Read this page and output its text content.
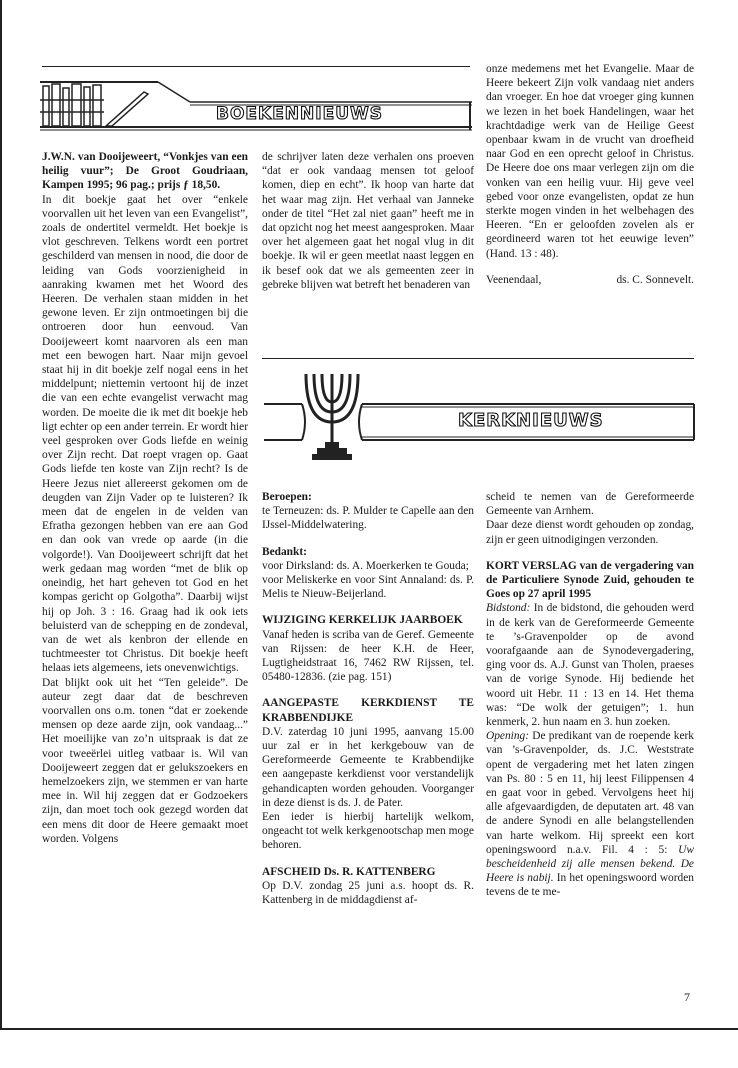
BOEKENNIEUWS

J.W.N. van Dooijeweert, “Vonkjes van een heilig vuur”; De Groot Goudriaan, Kampen 1995; 96 pag.; prijs ƒ 18,50.

In dit boekje gaat het over “enkele voorvallen uit het leven van een Evangelist”, zoals de ondertitel vermeldt. Het boekje is vlot geschreven. Telkens wordt een portret geschilderd van mensen in nood, die door de leiding van Gods voorzienigheid in aanraking kwamen met het Woord des Heeren. De verhalen staan midden in het gewone leven. Er zijn ontmoetingen bij die ontroeren door hun eenvoud. Van Dooijeweert komt naarvoren als een man met een bewogen hart. Naar mijn gevoel staat hij in dit boekje zelf nogal eens in het middelpunt; niettemin vertoont hij de inzet die van een echte evangelist verwacht mag worden. De moeite die ik met dit boekje heb ligt echter op een ander terrein. Er wordt hier veel gesproken over Gods liefde en weinig over Zijn recht. Dat roept vragen op. Gaat Gods liefde ten koste van Zijn recht? Is de Heere Jezus niet allereerst gekomen om de deugden van Zijn Vader op te luisteren? Ik meen dat de engelen in de velden van Efratha gezongen hebben van ere aan God en dan ook van vrede op aarde (in die volgorde!). Van Dooijeweert schrijft dat het werk gedaan mag worden “met de blik op oneindig, het hart geheven tot God en het kompas gericht op Golgotha”. Daarbij wijst hij op Joh. 3 : 16. Graag had ik ook iets beluisterd van de schepping en de zondeval, van de wet als kenbron der ellende en tuchtmeester tot Christus. Dit boekje heeft helaas iets algemeens, iets onevenwichtigs.

Dat blijkt ook uit het “Ten geleide”. De auteur zegt daar dat de beschreven voorvallen ons o.m. tonen “dat er zoekende mensen op deze aarde zijn, ook vandaag...” Het moeilijke van zo’n uitspraak is dat ze voor tweeërlei uitleg vatbaar is. Wil van Dooijeweert zeggen dat er gelukszoekers en hemelzoekers zijn, we stemmen er van harte mee in. Wil hij zeggen dat er Godzoekers zijn, dan moet toch ook gezegd worden dat een mens dit door de Heere gemaakt moet worden. Volgens

de schrijver laten deze verhalen ons proeven “dat er ook vandaag mensen tot geloof komen, diep en echt”. Ik hoop van harte dat het waar mag zijn. Het verhaal van Janneke onder de titel “Het zal niet gaan” heeft me in dat opzicht nog het meest aangesproken. Maar over het algemeen gaat het nogal vlug in dit boekje. Ik wil er geen meetlat naast leggen en ik besef ook dat we als gemeenten zeer in gebreke blijven wat betreft het benaderen van

onze medemens met het Evangelie. Maar de Heere bekeert Zijn volk vandaag niet anders dan vroeger. En hoe dat vroeger ging kunnen we lezen in het boek Handelingen, waar het krachtdadige werk van de Heilige Geest openbaar kwam in de vrucht van droefheid naar God en een oprecht geloof in Christus. De Heere doe ons maar verlegen zijn om die vonken van een heilig vuur. Hij geve veel gebed voor onze evangelisten, opdat ze hun sterkte mogen vinden in het welbehagen des Heeren. “En er geloofden zovelen als er geordineerd waren tot het eeuwige leven” (Hand. 13 : 48).

Veenendaal,	ds. C. Sonnevelt.
KERKNIEUWS

Beroepen:

te Terneuzen: ds. P. Mulder te Capelle aan den IJssel-Middelwatering.

Bedankt:

voor Dirksland: ds. A. Moerkerken te Gouda;

voor Meliskerke en voor Sint Annaland: ds. P. Melis te Nieuw-Beijerland.

WIJZIGING KERKELIJK JAARBOEK

Vanaf heden is scriba van de Geref. Gemeente van Rijssen: de heer K.H. de Heer, Lugtigheidstraat 16, 7462 RW Rijssen, tel. 05480-12836. (zie pag. 151)

AANGEPASTE KERKDIENST TE KRABBENDIJKE

D.V. zaterdag 10 juni 1995, aanvang 15.00 uur zal er in het kerkgebouw van de Gereformeerde Gemeente te Krabbendijke een aangepaste kerkdienst voor verstandelijk gehandicapten worden gehouden. Voorganger in deze dienst is ds. J. de Pater.

Een ieder is hierbij hartelijk welkom, ongeacht tot welk kerkgenootschap men moge behoren.

AFSCHEID Ds. R. KATTENBERG

Op D.V. zondag 25 juni a.s. hoopt ds. R. Kattenberg in de middagdienst af-

scheid te nemen van de Gereformeerde Gemeente van Arnhem.

Daar deze dienst wordt gehouden op zondag, zijn er geen uitnodigingen verzonden.

KORT VERSLAG van de vergadering van de Particuliere Synode Zuid, gehouden te Goes op 27 april 1995

Bidstond: In de bidstond, die gehouden werd in de kerk van de Gereformeerde Gemeente te ’s-Gravenpolder op de avond voorafgaande aan de Synodevergadering, ging voor ds. A.J. Gunst van Tholen, praeses van de vorige Synode. Hij bediende het woord uit Hebr. 11 : 13 en 14. Het thema was: “De wolk der getuigen”; 1. hun kenmerk, 2. hun naam en 3. hun zoeken.

Opening: De predikant van de roepende kerk van ’s-Gravenpolder, ds. J.C. Weststrate opent de vergadering met het laten zingen van Ps. 80 : 5 en 11, hij leest Filippensen 4 en gaat voor in gebed. Vervolgens heet hij alle afgevaardigden, de deputaten art. 48 van de andere Synodi en alle belangstellenden van harte welkom. Hij spreekt een kort openingswoord n.a.v. Fil. 4 : 5: Uw bescheidenheid zij alle mensen bekend. De Heere is nabij. In het openingswoord worden tevens de te me-

7
